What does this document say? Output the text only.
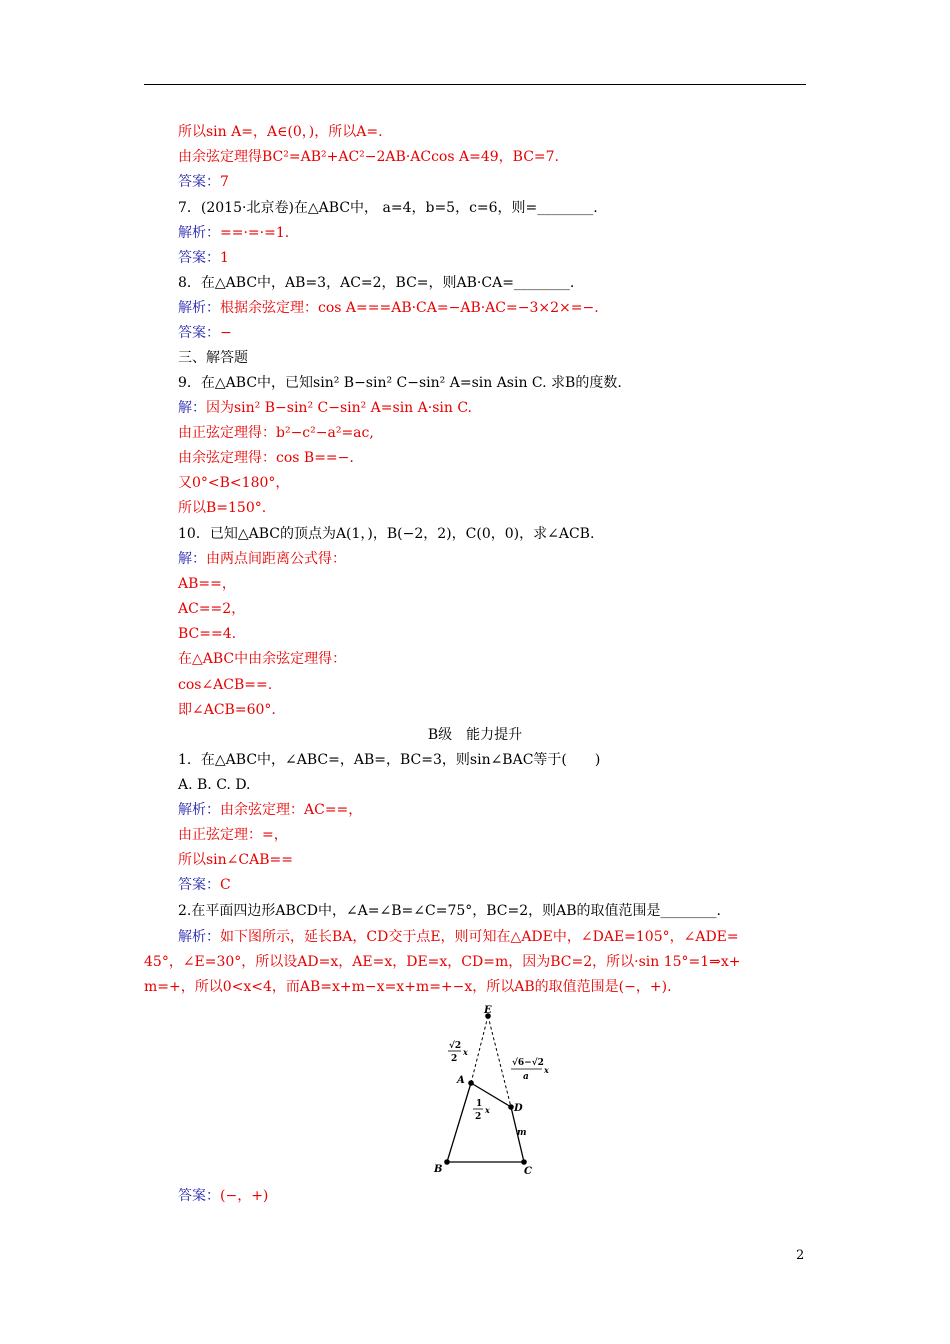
所以sin A=，A∈(0，)，所以A=.
由余弦定理得BC²=AB²+AC²−2AB·ACcos A=49，BC=7.
答案：7
7．(2015·北京卷)在△ABC中， a=4，b=5，c=6，则=________.
解析：==·=·=1.
答案：1
8．在△ABC中，AB=3，AC=2，BC=，则AB·CA=________.
解析：根据余弦定理：cos A===AB·CA=−AB·AC=−3×2×=−.
答案：−
三、解答题
9．在△ABC中，已知sin² B−sin² C−sin² A=sin Asin C. 求B的度数.
解：因为sin² B−sin² C−sin² A=sin A·sin C.
由正弦定理得：b²−c²−a²=ac,
由余弦定理得：cos B==−.
又0°<B<180°，
所以B=150°.
10．已知△ABC的顶点为A(1，)，B(−2，2)，C(0，0)，求∠ACB.
解：由两点间距离公式得：
AB==，
AC==2，
BC==4.
在△ABC中由余弦定理得：
cos∠ACB==.
即∠ACB=60°.
B级　能力提升
1．在△ABC中，∠ABC=，AB=，BC=3，则sin∠BAC等于(　　)
A. B. C. D.
解析：由余弦定理：AC==，
由正弦定理：=，
所以sin∠CAB==
答案：C
2.在平面四边形ABCD中，∠A=∠B=∠C=75°，BC=2，则AB的取值范围是________.
解析：如下图所示，延长BA，CD交于点E，则可知在△ADE中，∠DAE=105°，∠ADE=
45°，∠E=30°，所以设AD=x，AE=x，DE=x，CD=m，因为BC=2，所以·sin 15°=1⇒x+
m=+，所以0<x<4，而AB=x+m−x=x+m=+−x，所以AB的取值范围是(−，+).
E
A
D
B	C
m
√2
2
x
√6−√2
a
x
1
2
x
答案：(−，+)
2
